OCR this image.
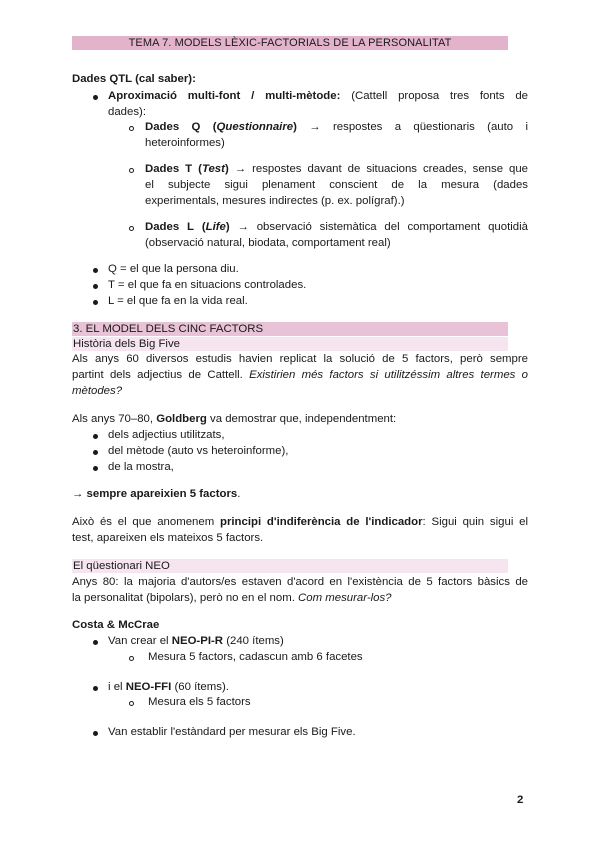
TEMA 7. MODELS LÈXIC-FACTORIALS DE LA PERSONALITAT
Dades QTL (cal saber):
Aproximació multi-font / multi-mètode: (Cattell proposa tres fonts de
dades):
Dades Q (Questionnaire) → respostes a qüestionaris (auto i
heteroinformes)
Dades T (Test) → respostes davant de situacions creades, sense que
el subjecte sigui plenament conscient de la mesura (dades
experimentals, mesures indirectes (p. ex. polígraf).)
Dades L (Life) → observació sistemàtica del comportament quotidià
(observació natural, biodata, comportament real)
Q = el que la persona diu.
T = el que fa en situacions controlades.
L = el que fa en la vida real.
3. EL MODEL DELS CINC FACTORS
Història dels Big Five
Als anys 60 diversos estudis havien replicat la solució de 5 factors, però sempre
partint dels adjectius de Cattell. Existirien més factors si utilitzéssim altres termes o
mètodes?
Als anys 70–80, Goldberg va demostrar que, independentment:
dels adjectius utilitzats,
del mètode (auto vs heteroinforme),
de la mostra,
→ sempre apareixien 5 factors.
Això és el que anomenem principi d'indiferència de l'indicador: Sigui quin sigui el
test, apareixen els mateixos 5 factors.
El qüestionari NEO
Anys 80: la majoria d'autors/es estaven d'acord en l'existència de 5 factors bàsics de
la personalitat (bipolars), però no en el nom. Com mesurar-los?
Costa & McCrae
Van crear el NEO-PI-R (240 ítems)
Mesura 5 factors, cadascun amb 6 facetes
i el NEO-FFI (60 ítems).
Mesura els 5 factors
Van establir l'estàndard per mesurar els Big Five.
2
